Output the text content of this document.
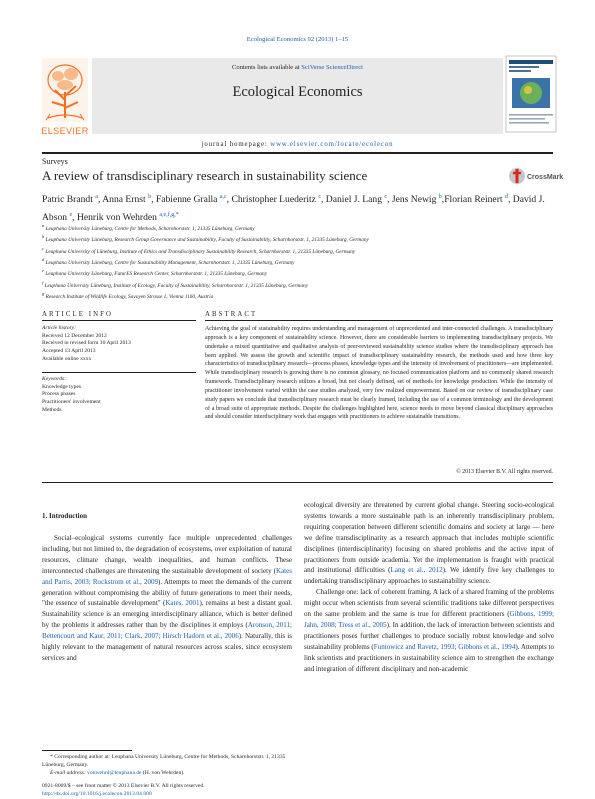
Ecological Economics 92 (2013) 1–15
Contents lists available at SciVerse ScienceDirect
Ecological Economics
journal homepage: www.elsevier.com/locate/ecolecon
ELSEVIER
Surveys
A review of transdisciplinary research in sustainability science	CrossMark
Patric Brandt $^a$, Anna Ernst $^b$, Fabienne Gralla $^{a,c}$, Christopher Luederitz $^c$, Daniel J. Lang $^c$, Jens Newig $^b$,Florian Reinert $^d$, David J. Abson $^e$, Henrik von Wehrden $^{a,e,f,g,*}$
$^a$ Leuphana University Lüneburg, Centre for Methods, Scharnhorststr. 1, 21335 Lüneburg, Germany
$^b$ Leuphana University Lüneburg, Research Group Governance and Sustainability, Faculty of Sustainability, Scharnhorststr. 1, 21335 Lüneburg, Germany
$^c$ Leuphana University of Lüneburg, Institute of Ethics and Transdisciplinary Sustainability Research, Scharnhorststr. 1, 21335 Lüneburg, Germany
$^d$ Leuphana University Lüneburg, Centre for Sustainability Management, Scharnhorststr. 1, 21335 Lüneburg, Germany
$^e$ Leuphana University Lüneburg, FuturES Research Center, Scharnhorststr. 1, 21335 Lüneburg, Germany
$^f$ Leuphana University Lüneburg, Institute of Ecology, Faculty of Sustainability, Scharnhorststr. 1, 21335 Lüneburg, Germany
$^g$ Research Institute of Wildlife Ecology, Savoyen Strasse 1, Vienna 1160, Austria
ARTICLE INFO	ABSTRACT
Article history:
Received 12 December 2012
Received in revised form 10 April 2013
Accepted 13 April 2013
Available online xxxx
Keywords:
Knowledge types
Process phases
Practitioners' involvement
Methods
Achieving the goal of sustainability requires understanding and management of unprecedented and inter-connected challenges. A transdisciplinary approach is a key component of sustainability science. However, there are considerable barriers to implementing transdisciplinary projects. We undertake a mixed quantitative and qualitative analysis of peer-reviewed sustainability science studies where the transdisciplinary approach has been applied. We assess the growth and scientific impact of transdisciplinary sustainability research, the methods used and how three key characteristics of transdisciplinary research—process phases, knowledge types and the intensity of involvement of practitioners—are implemented. While transdisciplinary research is growing there is no common glossary, no focused communication platform and no commonly shared research framework. Transdisciplinary research utilizes a broad, but not clearly defined, set of methods for knowledge production. While the intensity of practitioner involvement varied within the case studies analyzed, very few realized empowerment. Based on our review of transdisciplinary case study papers we conclude that transdisciplinary research must be clearly framed, including the use of a common terminology and the development of a broad suite of appropriate methods. Despite the challenges highlighted here, science needs to move beyond classical disciplinary approaches and should consider interdisciplinary work that engages with practitioners to achieve sustainable transitions.
© 2013 Elsevier B.V. All rights reserved.
1. Introduction
Social–ecological systems currently face multiple unprecedented challenges including, but not limited to, the degradation of ecosystems, over exploitation of natural resources, climate change, wealth inequalities, and human conflicts. These interconnected challenges are threatening the sustainable development of society (Kates and Parris, 2003; Rockstrom et al., 2009). Attempts to meet the demands of the current generation without compromising the ability of future generations to meet their needs, "the essence of sustainable development" (Kates, 2001), remains at best a distant goal. Sustainability science is an emerging interdisciplinary alliance, which is better defined by the problems it addresses rather than by the disciplines it employs (Aronson, 2011; Bettencourt and Kaur, 2011; Clark, 2007; Hirsch Hadorn et al., 2006). Naturally, this is highly relevant to the management of natural resources across scales, since ecosystem services and
ecological diversity are threatened by current global change. Steering socio-ecological systems towards a more sustainable path is an inherently transdisciplinary problem, requiring cooperation between different scientific domains and society at large — here we define transdisciplinarity as a research approach that includes multiple scientific disciplines (interdisciplinarity) focusing on shared problems and the active input of practitioners from outside academia. Yet the implementation is fraught with practical and institutional difficulties (Lang et al., 2012). We identify five key challenges to undertaking transdisciplinary approaches to sustainability science.
Challenge one: lack of coherent framing. A lack of a shared framing of the problems might occur when scientists from several scientific traditions take different perspectives on the same problem and the same is true for different practitioners (Gibbons, 1999; Jahn, 2008; Tress et al., 2005). In addition, the lack of interaction between scientists and practitioners poses further challenges to produce socially robust knowledge and solve sustainability problems (Funtowicz and Ravetz, 1993; Gibbons et al., 1994). Attempts to link scientists and practitioners in sustainability science aim to strengthen the exchange and integration of different disciplinary and non-academic
* Corresponding author at: Leuphana University Lüneburg, Centre for Methods, Scharnhorststr. 1, 21335 Lüneburg, Germany.
E-mail address: vonwehrd@leuphana.de (H. von Wehrden).
0921-8009/$ – see front matter © 2013 Elsevier B.V. All rights reserved.
http://dx.doi.org/10.1016/j.ecolecon.2013.04.008
